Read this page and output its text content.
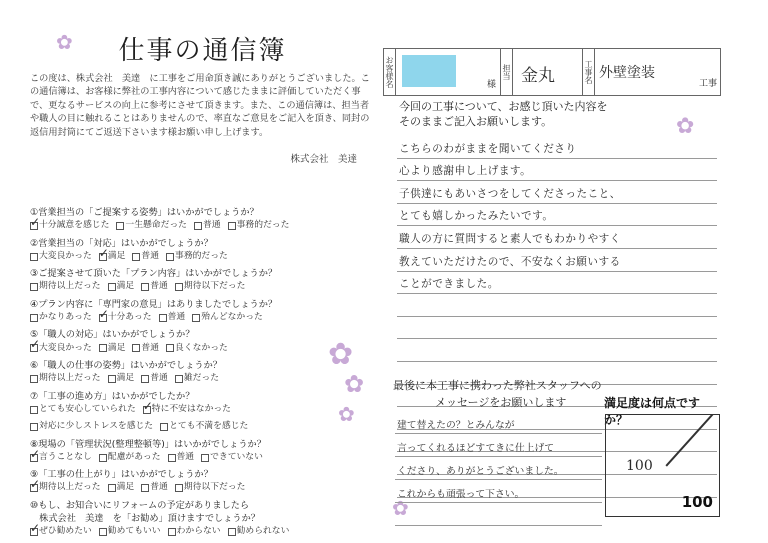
✿
✿
✿
✿
✿
✿
仕事の通信簿
この度は、株式会社　美達　に工事をご用命頂き誠にありがとうございました。この通信簿は、お客様に弊社の工事内容について感じたままに評価していただく事で、更なるサービスの向上に参考にさせて頂きます。また、この通信簿は、担当者や職人の目に触れることはありませんので、率直なご意見をご記入を頂き、同封の返信用封筒にてご返送下さいます様お願い申し上げます。
株式会社　美達
①営業担当の「ご提案する姿勢」はいかがでしょうか？
✓
十分誠意を感じた 一生懸命だった 普通 事務的だった
②営業担当の「対応」はいかがでしょうか？
大変良かった ✓ 満足 普通 事務的だった
③ご提案させて頂いた「プラン内容」はいかがでしょうか？
期待以上だった 満足 普通 期待以下だった
④プラン内容に「専門家の意見」はありましたでしょうか？
かなりあった ✓ 十分あった 普通 殆んどなかった
⑤「職人の対応」はいかがでしょうか？
✓
大変良かった 満足 普通 良くなかった
⑥「職人の仕事の姿勢」はいかがでしょうか？
期待以上だった 満足 普通 雑だった
⑦「工事の進め方」はいかがでしたか？
とても安心していられた ✓ 特に不安はなかった
対応に少しストレスを感じた とても不満を感じた
⑧現場の「管理状況(整理整頓等)」はいかがでしょうか？
✓
言うことなし 配慮があった 普通 できていない
⑨「工事の仕上がり」はいかがでしょうか？
✓
期待以上だった 満足 普通 期待以下だった
⑩もし、お知合いにリフォームの予定がありましたら
　株式会社　美達　を「お勧め」頂けますでしょうか？
✓
ぜひ勧めたい 勧めてもいい わからない 勧められない
お客様名	様
担当 金丸	工事名 外壁塗装
工事
今回の工事について、お感じ頂いた内容を
そのままご記入お願いします。
こちらのわがままを聞いてくださり
心より感謝申し上げます。
子供達にもあいさつをしてくださったこと、
とても嬉しかったみたいです。
職人の方に質問すると素人でもわかりやすく
教えていただけたので、不安なくお願いする
ことができました。
最後に本工事に携わった弊社スタッフへの
メッセージをお願いします	満足度は何点ですか？
建て替えたの？とみんなが
言ってくれるほどすてきに仕上げて
くださり、ありがとうございました。
これからも頑張って下さい。
100
100
